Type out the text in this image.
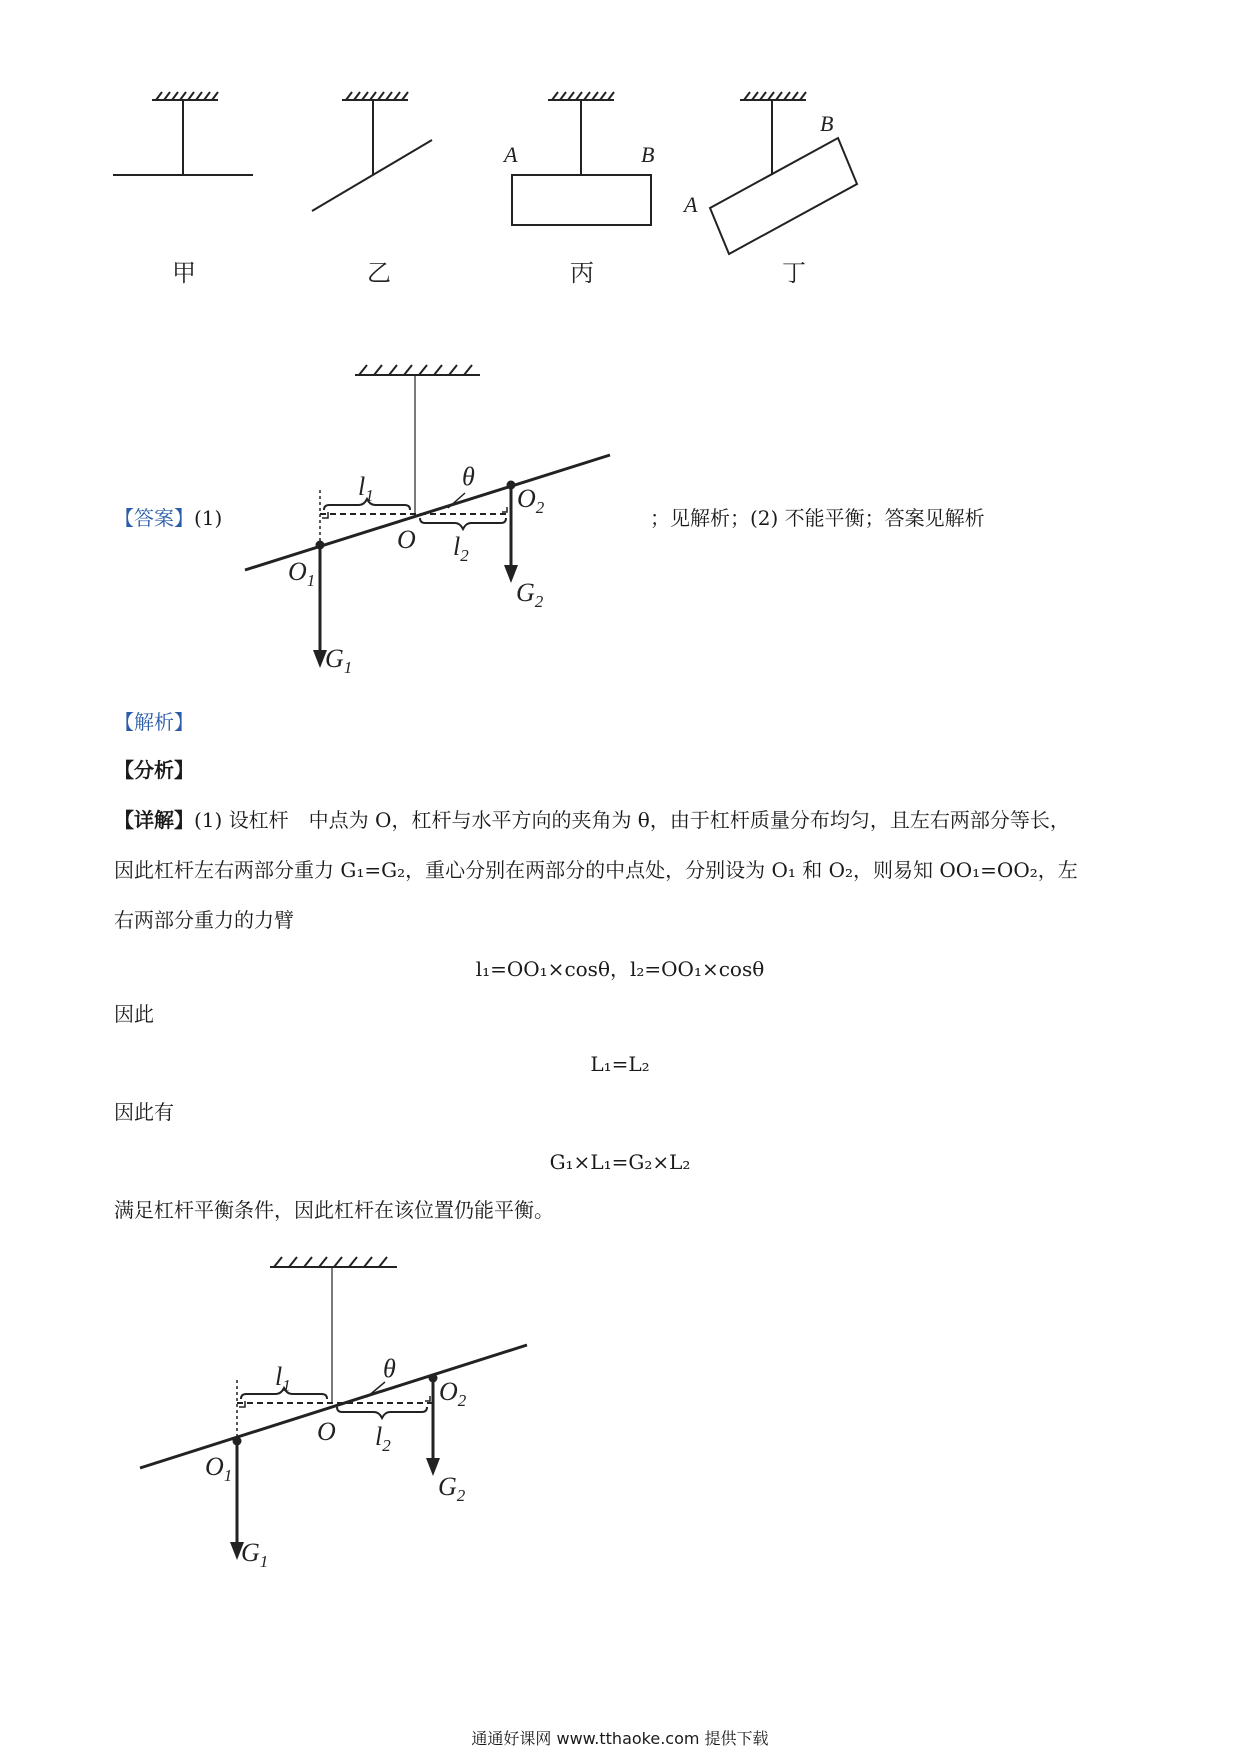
A	B
A
B
甲	乙	丙	丁
【答案】(1)	；见解析；(2) 不能平衡；答案见解析
$l_1$
$l_2$
θ
O
$O_1$
$O_2$
$G_1$
$G_2$
【解析】
【分析】
【详解】(1) 设杠杆　中点为 O，杠杆与水平方向的夹角为 θ，由于杠杆质量分布均匀，且左右两部分等长，
因此杠杆左右两部分重力 G₁=G₂，重心分别在两部分的中点处，分别设为 O₁ 和 O₂，则易知 OO₁=OO₂，左
右两部分重力的力臂
l₁=OO₁×cosθ，l₂=OO₁×cosθ
因此
L₁=L₂
因此有
G₁×L₁=G₂×L₂
满足杠杆平衡条件，因此杠杆在该位置仍能平衡。
$l_1$
$l_2$
θ
O
$O_1$
$O_2$
$G_1$
$G_2$
通通好课网 www.tthaoke.com 提供下载
